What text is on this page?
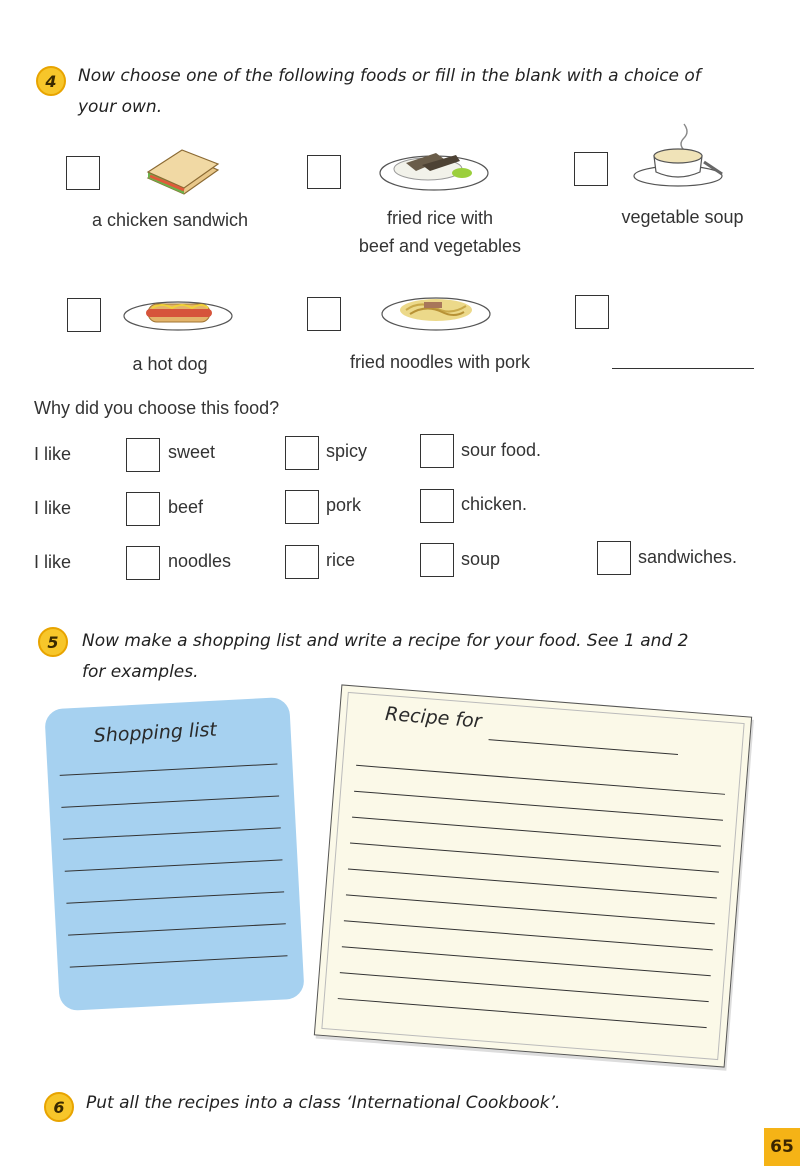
4 Now choose one of the following foods or fill in the blank with a choice of
your own.
a chicken sandwich	fried rice with
beef and vegetables
vegetable soup
a hot dog	fried noodles with pork
Why did you choose this food?
I like	sweet	spicy	sour food.
I like	beef	pork	chicken.
I like	noodles	rice	soup	sandwiches.
5 Now make a shopping list and write a recipe for your food. See 1 and 2
for examples.
Shopping list
Recipe for
6 Put all the recipes into a class ‘International Cookbook’.
65
